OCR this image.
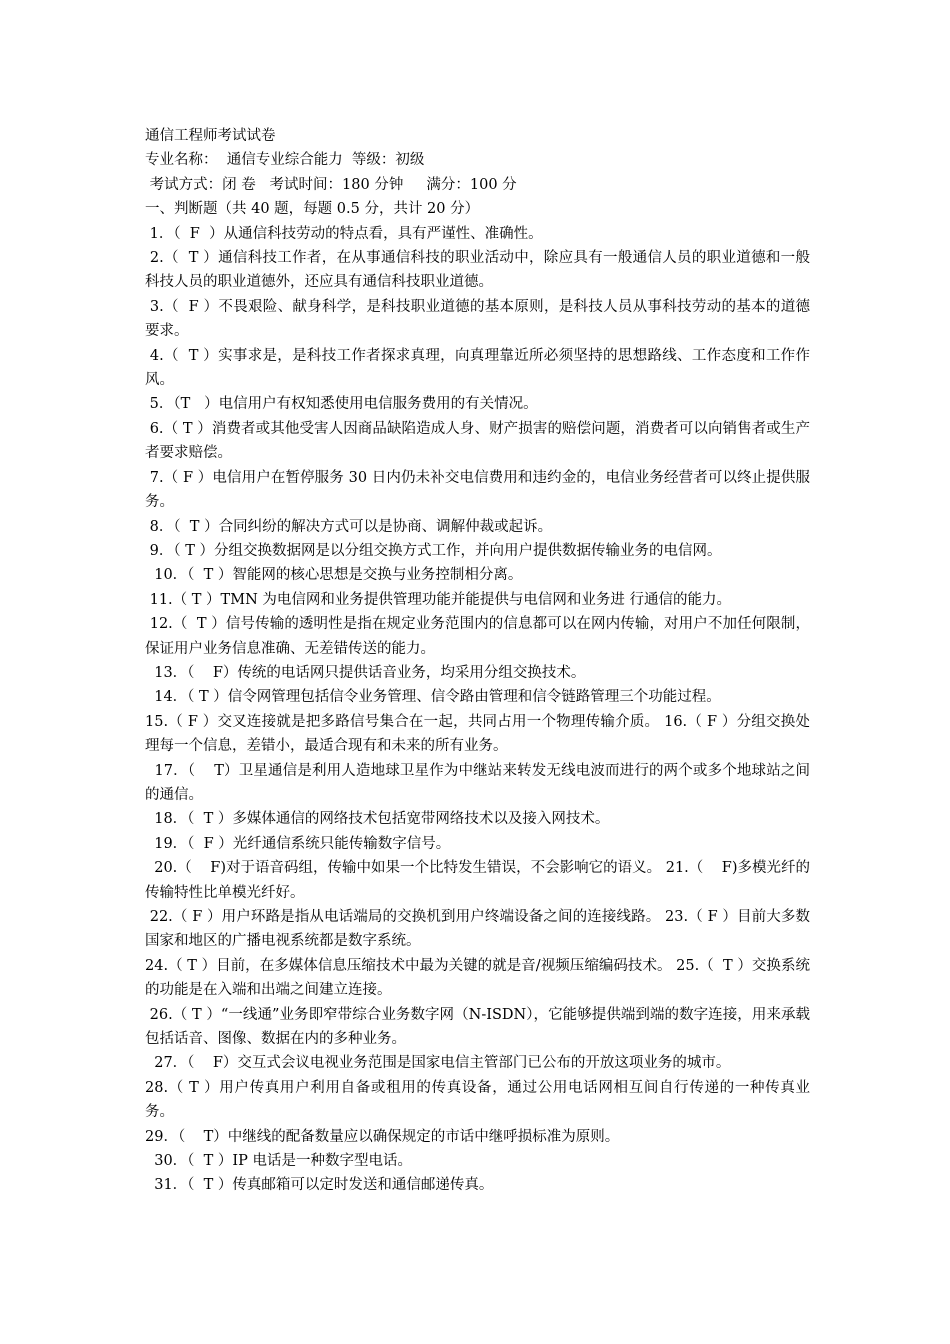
通信工程师考试试卷
专业名称：  通信专业综合能力  等级：初级
考试方式：闭 卷   考试时间：180 分钟     满分：100 分
一、判断题（共 40 题，每题 0.5 分，共计 20 分）
1．（  F  ）从通信科技劳动的特点看，具有严谨性、准确性。
2.（  T ）通信科技工作者，在从事通信科技的职业活动中，除应具有一般通信人员的职业道德和一般科技人员的职业道德外，还应具有通信科技职业道德。
3.（  F ）不畏艰险、献身科学，是科技职业道德的基本原则，是科技人员从事科技劳动的基本的道德要求。
4.（  T ）实事求是，是科技工作者探求真理，向真理靠近所必须坚持的思想路线、工作态度和工作作风。
5．（T   ）电信用户有权知悉使用电信服务费用的有关情况。
6.（ T ）消费者或其他受害人因商品缺陷造成人身、财产损害的赔偿问题，消费者可以向销售者或生产者要求赔偿。
7.（ F ）电信用户在暂停服务 30 日内仍未补交电信费用和违约金的，电信业务经营者可以终止提供服务。
8．（  T ）合同纠纷的解决方式可以是协商、调解仲裁或起诉。
9．（ T ）分组交换数据网是以分组交换方式工作，并向用户提供数据传输业务的电信网。
10．（  T ）智能网的核心思想是交换与业务控制相分离。
11.（ T ）TMN 为电信网和业务提供管理功能并能提供与电信网和业务进 行通信的能力。
12.（  T ）信号传输的透明性是指在规定业务范围内的信息都可以在网内传输，对用户不加任何限制，保证用户业务信息准确、无差错传送的能力。
13．（    F）传统的电话网只提供话音业务，均采用分组交换技术。
14．（ T ）信令网管理包括信令业务管理、信令路由管理和信令链路管理三个功能过程。
15.（ F ）交叉连接就是把多路信号集合在一起，共同占用一个物理传输介质。 16.（ F ）分组交换处理每一个信息，差错小，最适合现有和未来的所有业务。
17．（    T）卫星通信是利用人造地球卫星作为中继站来转发无线电波而进行的两个或多个地球站之间的通信。
18．（  T ）多媒体通信的网络技术包括宽带网络技术以及接入网技术。
19．（  F ）光纤通信系统只能传输数字信号。
20.（    F)对于语音码组，传输中如果一个比特发生错误，不会影响它的语义。 21.（    F)多模光纤的传输特性比单模光纤好。
22.（ F ）用户环路是指从电话端局的交换机到用户终端设备之间的连接线路。 23.（ F ）目前大多数国家和地区的广播电视系统都是数字系统。
24.（ T ）目前，在多媒体信息压缩技术中最为关键的就是音/视频压缩编码技术。 25.（  T ）交换系统的功能是在入端和出端之间建立连接。
26.（ T ）“一线通”业务即窄带综合业务数字网（N-ISDN），它能够提供端到端的数字连接，用来承载包括话音、图像、数据在内的多种业务。
27．（    F）交互式会议电视业务范围是国家电信主管部门已公布的开放这项业务的城市。
28.（ T ）用户传真用户利用自备或租用的传真设备，通过公用电话网相互间自行传递的一种传真业务。
29．（    T）中继线的配备数量应以确保规定的市话中继呼损标准为原则。
30．（  T ）IP 电话是一种数字型电话。
31．（  T ）传真邮箱可以定时发送和通信邮递传真。
